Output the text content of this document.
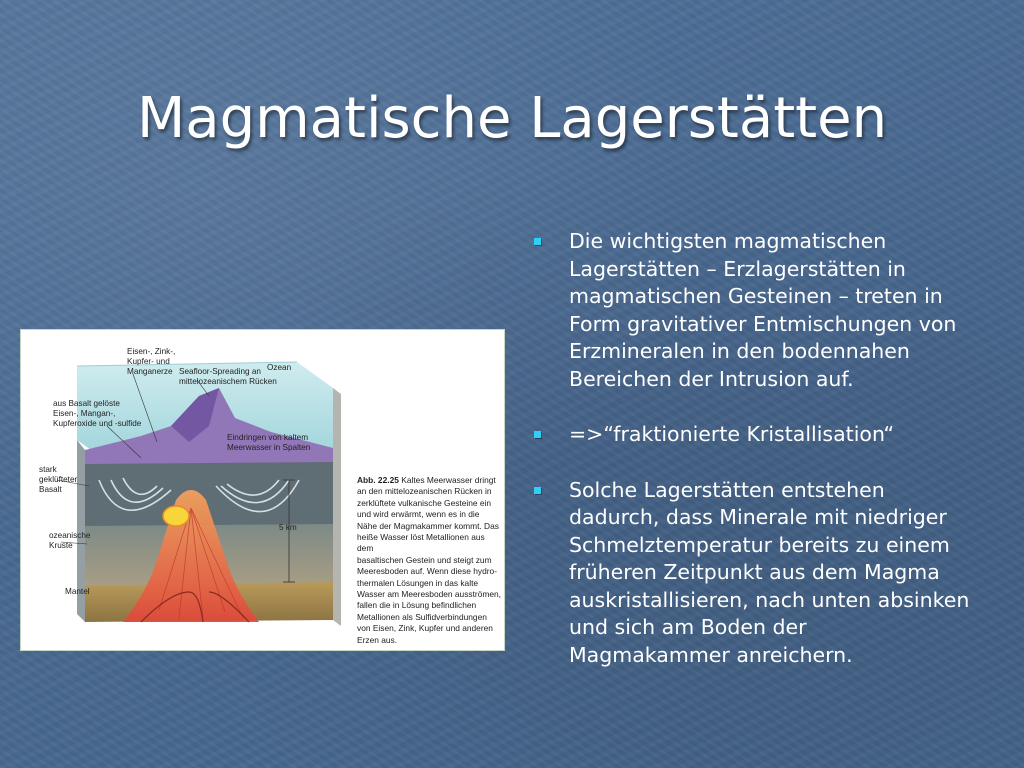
Magmatische Lagerstätten
Eisen-, Zink-,
Kupfer- und
Manganerze Seafloor-Spreading an
mittelozeanischem Rücken
Ozean
aus Basalt gelöste
Eisen-, Mangan-,
Kupferoxide und -sulfide
Eindringen von kaltem
Meerwasser in Spalten
stark
geklüfteter
Basalt
ozeanische
Kruste
5 km
Mantel
Abb. 22.25 Kaltes Meerwasser dringt
an den mittelozeanischen Rücken in
zerklüftete vulkanische Gesteine ein
und wird erwärmt, wenn es in die
Nähe der Magmakammer kommt. Das
heiße Wasser löst Metallionen aus dem
basaltischen Gestein und steigt zum
Meeresboden auf. Wenn diese hydro-
thermalen Lösungen in das kalte
Wasser am Meeresboden ausströmen,
fallen die in Lösung befindlichen
Metallionen als Sulfidverbindungen
von Eisen, Zink, Kupfer und anderen
Erzen aus.
Die wichtigsten magmatischen Lagerstätten – Erzlagerstätten in magmatischen Gesteinen – treten in Form gravitativer Entmischungen von Erzmineralen in den bodennahen Bereichen der Intrusion auf.
=>“fraktionierte Kristallisation“
Solche Lagerstätten entstehen dadurch, dass Minerale mit niedriger Schmelztemperatur bereits zu einem früheren Zeitpunkt aus dem Magma auskristallisieren, nach unten absinken und sich am Boden der Magmakammer anreichern.
